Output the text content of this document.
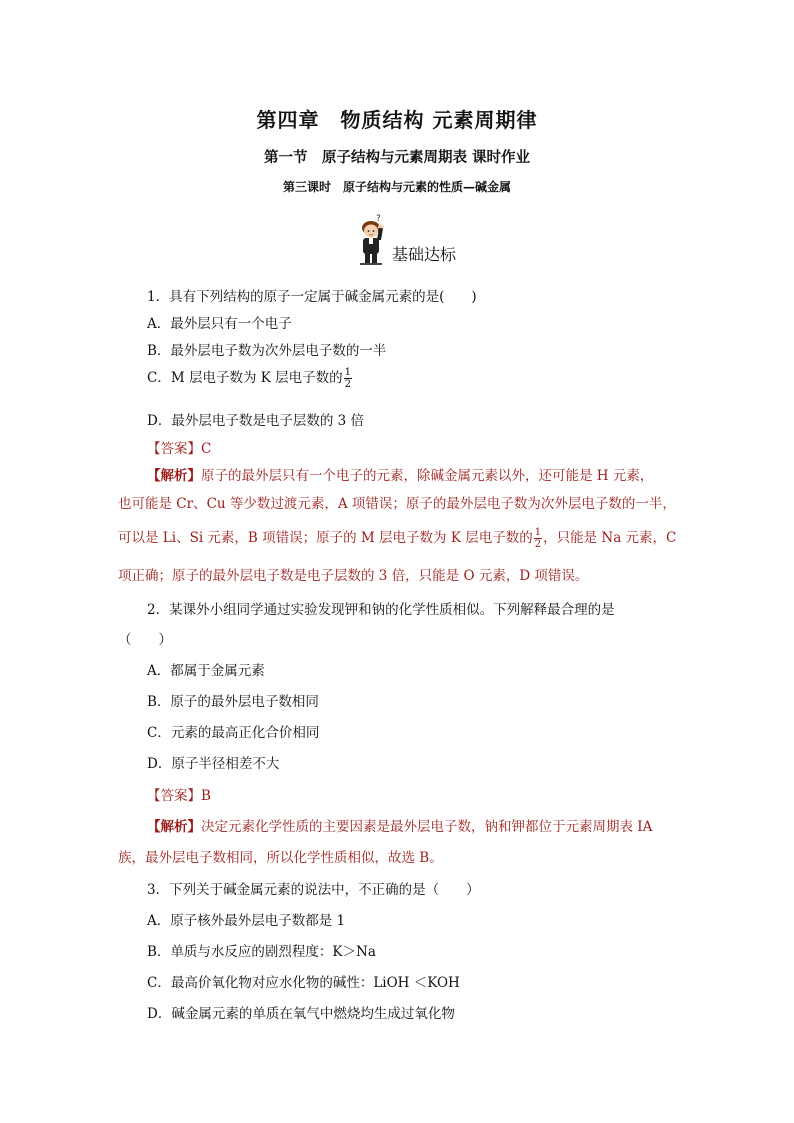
第四章　物质结构 元素周期律
第一节　原子结构与元素周期表 课时作业
第三课时　原子结构与元素的性质—碱金属
?
基础达标
1．具有下列结构的原子一定属于碱金属元素的是(　　)
A．最外层只有一个电子
B．最外层电子数为次外层电子数的一半
C．M 层电子数为 K 层电子数的 $\frac{1}{2}$
D．最外层电子数是电子层数的 3 倍
【答案】C
【解析】原子的最外层只有一个电子的元素，除碱金属元素以外，还可能是 H 元素，
也可能是 Cr、Cu 等少数过渡元素，A 项错误；原子的最外层电子数为次外层电子数的一半，
可以是 Li、Si 元素，B 项错误；原子的 M 层电子数为 K 层电子数的 $\frac{1}{2}$ ，只能是 Na 元素，C
项正确；原子的最外层电子数是电子层数的 3 倍，只能是 O 元素，D 项错误。
2．某课外小组同学通过实验发现钾和钠的化学性质相似。下列解释最合理的是
（　　）
A．都属于金属元素
B．原子的最外层电子数相同
C．元素的最高正化合价相同
D．原子半径相差不大
【答案】B
【解析】决定元素化学性质的主要因素是最外层电子数，钠和钾都位于元素周期表 IA
族，最外层电子数相同，所以化学性质相似，故选 B。
3．下列关于碱金属元素的说法中，不正确的是（　　）
A．原子核外最外层电子数都是 1
B．单质与水反应的剧烈程度：K＞Na
C．最高价氧化物对应水化物的碱性：LiOH ＜KOH
D．碱金属元素的单质在氧气中燃烧均生成过氧化物
